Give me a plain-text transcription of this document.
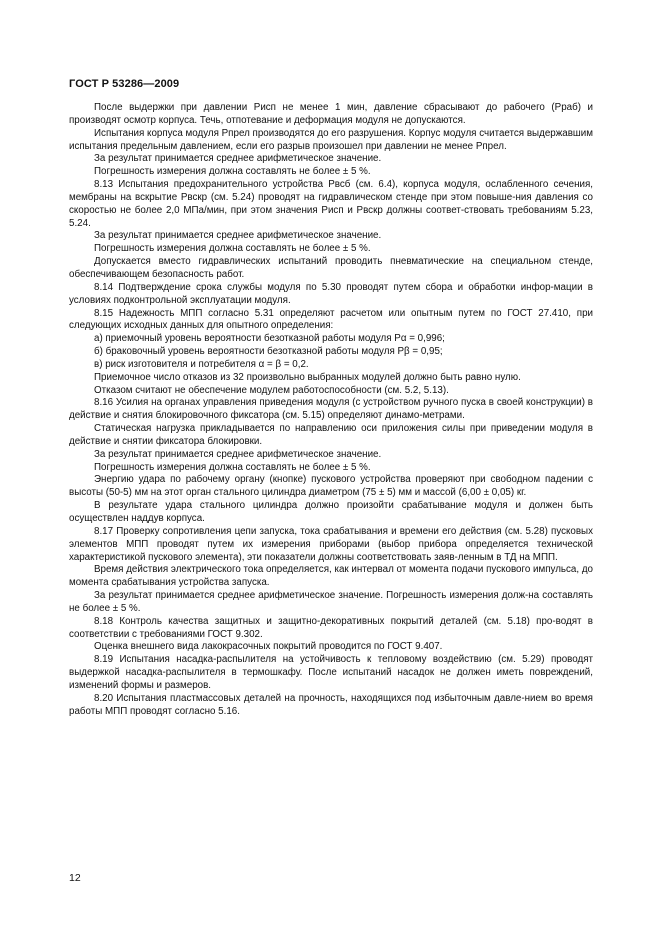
ГОСТ Р 53286—2009

После выдержки при давлении Pисп не менее 1 мин, давление сбрасывают до рабочего (Pраб) и производят осмотр корпуса. Течь, отпотевание и деформация модуля не допускаются.

Испытания корпуса модуля Pпрел производятся до его разрушения. Корпус модуля считается выдержавшим испытания предельным давлением, если его разрыв произошел при давлении не менее Pпрел.

За результат принимается среднее арифметическое значение.

Погрешность измерения должна составлять не более ± 5 %.

8.13 Испытания предохранительного устройства Pвсб (см. 6.4), корпуса модуля, ослабленного сечения, мембраны на вскрытие Pвскр (см. 5.24) проводят на гидравлическом стенде при этом повыше-ния давления со скоростью не более 2,0 МПа/мин, при этом значения Pисп и Pвскр должны соответ-ствовать требованиям 5.23, 5.24.

За результат принимается среднее арифметическое значение.

Погрешность измерения должна составлять не более ± 5 %.

Допускается вместо гидравлических испытаний проводить пневматические на специальном стенде, обеспечивающем безопасность работ.

8.14 Подтверждение срока службы модуля по 5.30 проводят путем сбора и обработки инфор-мации в условиях подконтрольной эксплуатации модуля.

8.15 Надежность МПП согласно 5.31 определяют расчетом или опытным путем по ГОСТ 27.410, при следующих исходных данных для опытного определения:

а) приемочный уровень вероятности безотказной работы модуля Pα = 0,996;

б) браковочный уровень вероятности безотказной работы модуля Pβ = 0,95;

в) риск изготовителя и потребителя α = β = 0,2.

Приемочное число отказов из 32 произвольно выбранных модулей должно быть равно нулю.

Отказом считают не обеспечение модулем работоспособности (см. 5.2, 5.13).

8.16 Усилия на органах управления приведения модуля (с устройством ручного пуска в своей конструкции) в действие и снятия блокировочного фиксатора (см. 5.15) определяют динамо-метрами.

Статическая нагрузка прикладывается по направлению оси приложения силы при приведении модуля в действие и снятии фиксатора блокировки.

За результат принимается среднее арифметическое значение.

Погрешность измерения должна составлять не более ± 5 %.

Энергию удара по рабочему органу (кнопке) пускового устройства проверяют при свободном падении с высоты (50-5) мм на этот орган стального цилиндра диаметром (75 ± 5) мм и массой (6,00 ± 0,05) кг.

В результате удара стального цилиндра должно произойти срабатывание модуля и должен быть осуществлен наддув корпуса.

8.17 Проверку сопротивления цепи запуска, тока срабатывания и времени его действия (см. 5.28) пусковых элементов МПП проводят путем их измерения приборами (выбор прибора определяется технической характеристикой пускового элемента), эти показатели должны соответствовать заяв-ленным в ТД на МПП.

Время действия электрического тока определяется, как интервал от момента подачи пускового импульса, до момента срабатывания устройства запуска.

За результат принимается среднее арифметическое значение. Погрешность измерения долж-на составлять не более ± 5 %.

8.18 Контроль качества защитных и защитно-декоративных покрытий деталей (см. 5.18) про-водят в соответствии с требованиями ГОСТ 9.302.

Оценка внешнего вида лакокрасочных покрытий проводится по ГОСТ 9.407.

8.19 Испытания насадка-распылителя на устойчивость к тепловому воздействию (см. 5.29) проводят выдержкой насадка-распылителя в термошкафу. После испытаний насадок не должен иметь повреждений, изменений формы и размеров.

8.20 Испытания пластмассовых деталей на прочность, находящихся под избыточным давле-нием во время работы МПП проводят согласно 5.16.

12
